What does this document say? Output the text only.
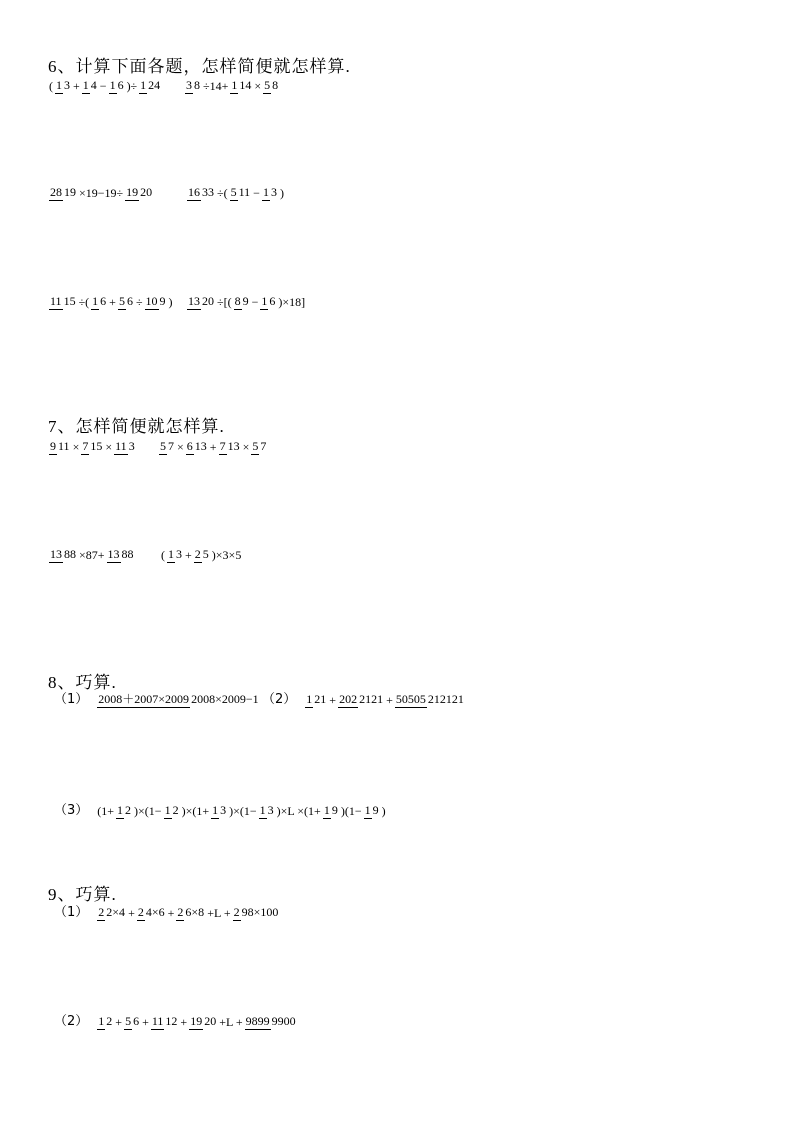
6、计算下面各题，怎样简便就怎样算.
( 1 3 + 1 4 − 1 6 )÷ 1 24 3 8 ÷14+ 1 14 × 5 8
28 19 ×19−19÷ 19 20	16 33 ÷( 5 11 − 1 3 )
11 15 ÷( 1 6 + 5 6 ÷ 10 9 ) 13 20 ÷[( 8 9 − 1 6 )×18]
7、怎样简便就怎样算.
9 11 × 7 15 × 11 3 5 7 × 6 13 + 7 13 × 5 7
13 88 ×87+ 13 88 ( 1 3 + 2 5 )×3×5
8、巧算.
（1） 2008＋2007×2009 2008×2009−1 （2） 1 21 + 202 2121 + 50505 212121
（3） (1+ 1 2 )×(1− 1 2 )×(1+ 1 3 )×(1− 1 3 )×L ×(1+ 1 9 )(1− 1 9 )
9、巧算.
（1） 2 2×4 + 2 4×6 + 2 6×8 +L + 2 98×100
（2） 1 2 + 5 6 + 11 12 + 19 20 +L + 9899 9900
